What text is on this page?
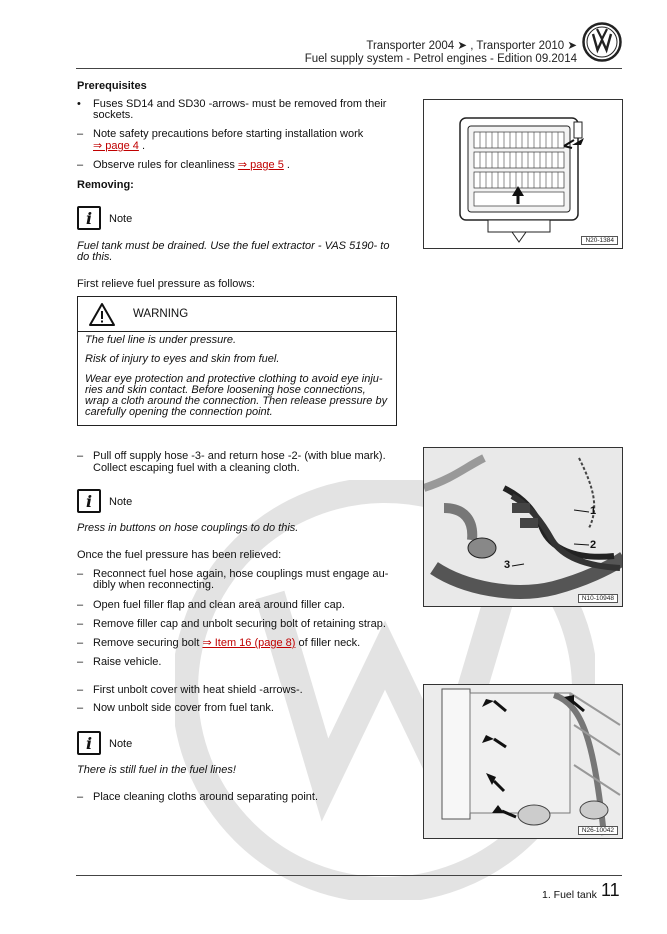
Transporter 2004 ➤ , Transporter 2010 ➤
Fuel supply system - Petrol engines - Edition 09.2014
Prerequisites
•	Fuses SD14 and SD30 -arrows- must be removed from their
sockets.
– Note safety precautions before starting installation work
⇒ page 4 .
– Observe rules for cleanliness ⇒ page 5 .
Removing:
i	Note
Fuel tank must be drained. Use the fuel extractor - VAS 5190- to
do this.
First relieve fuel pressure as follows:
WARNING
The fuel line is under pressure.
Risk of injury to eyes and skin from fuel.
Wear eye protection and protective clothing to avoid eye inju-
ries and skin contact. Before loosening hose connections,
wrap a cloth around the connection. Then release pressure by
carefully opening the connection point.
– Pull off supply hose -3- and return hose -2- (with blue mark).
Collect escaping fuel with a cleaning cloth.
i	Note
Press in buttons on hose couplings to do this.
Once the fuel pressure has been relieved:
– Reconnect fuel hose again, hose couplings must engage au-
dibly when reconnecting.
– Open fuel filler flap and clean area around filler cap.
– Remove filler cap and unbolt securing bolt of retaining strap.
– Remove securing bolt ⇒ Item 16 (page 8) of filler neck.
– Raise vehicle.
– First unbolt cover with heat shield -arrows-.
– Now unbolt side cover from fuel tank.
i	Note
There is still fuel in the fuel lines!
– Place cleaning cloths around separating point.
N20-1384
1
2
3
N10-10948
N26-10042
1. Fuel tank 11
